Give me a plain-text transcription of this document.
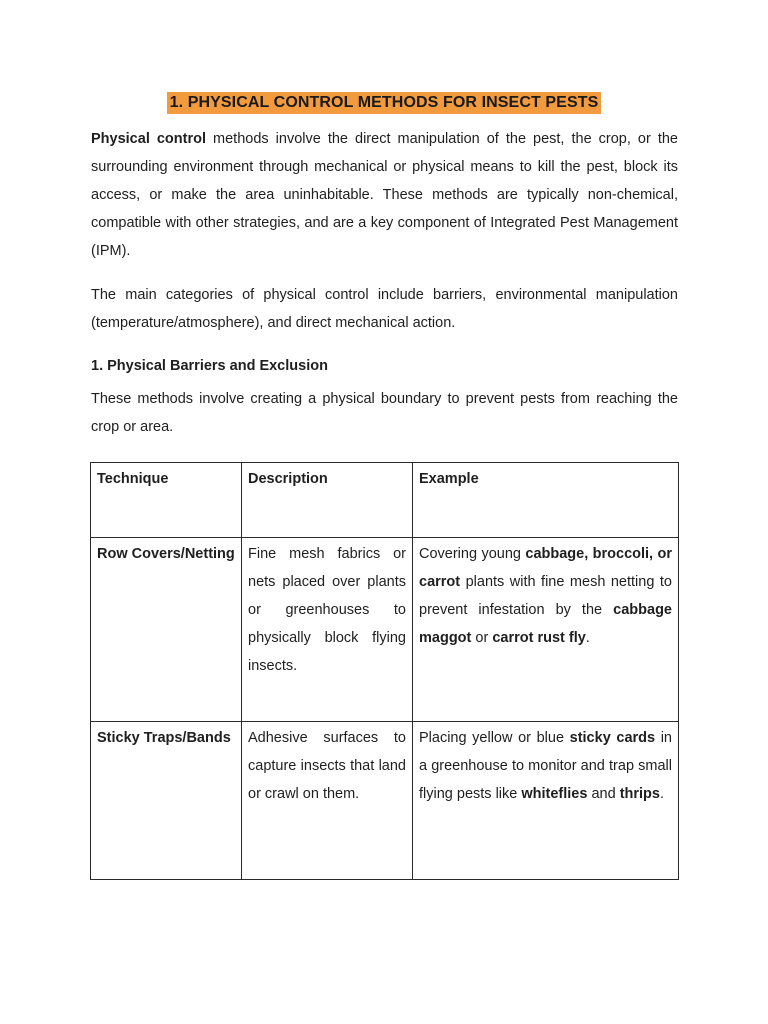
1. PHYSICAL CONTROL METHODS FOR INSECT PESTS

Physical control methods involve the direct manipulation of the pest, the crop, or the surrounding environment through mechanical or physical means to kill the pest, block its access, or make the area uninhabitable. These methods are typically non-chemical, compatible with other strategies, and are a key component of Integrated Pest Management (IPM).

The main categories of physical control include barriers, environmental manipulation (temperature/atmosphere), and direct mechanical action.

1. Physical Barriers and Exclusion

These methods involve creating a physical boundary to prevent pests from reaching the crop or area.

Technique	Description	Example
Row Covers/Netting	Fine mesh fabrics or nets placed over plants or greenhouses to physically block flying insects.	Covering young cabbage, broccoli, or carrot plants with fine mesh netting to prevent infestation by the cabbage maggot or carrot rust fly.
Sticky Traps/Bands	Adhesive surfaces to capture insects that land or crawl on them.	Placing yellow or blue sticky cards in a greenhouse to monitor and trap small flying pests like whiteflies and thrips.
